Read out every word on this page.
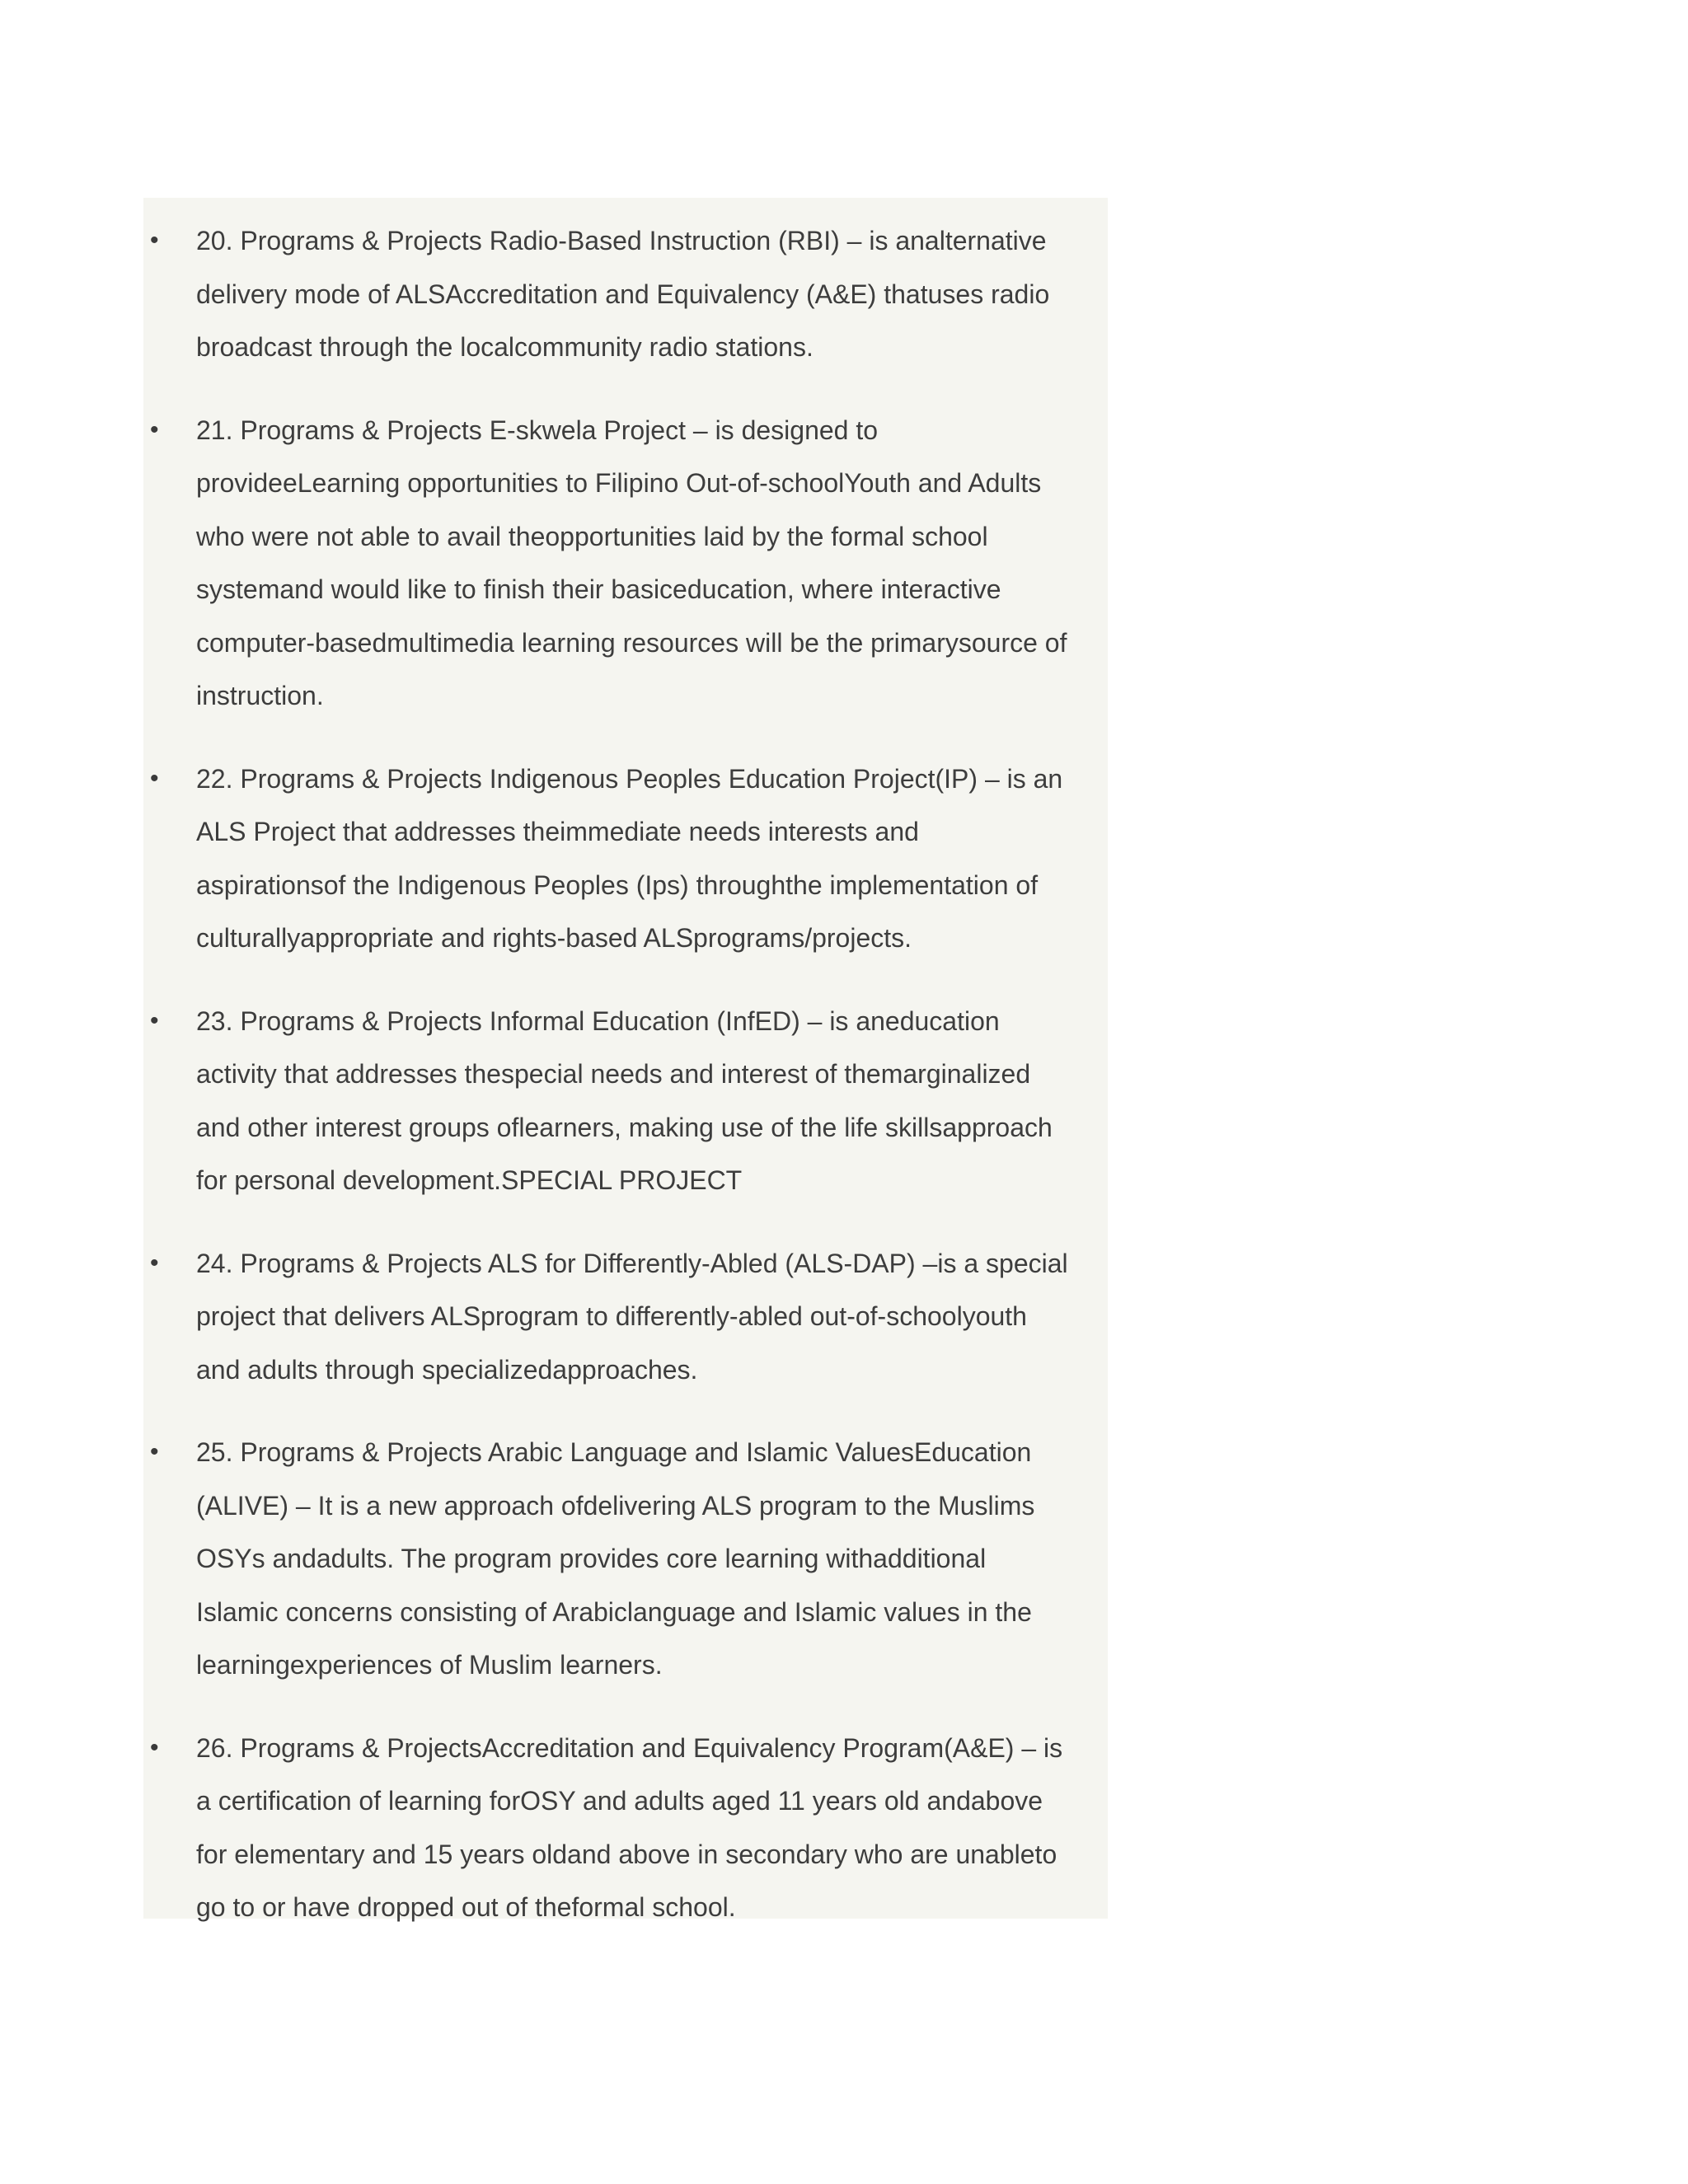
• 20. Programs & Projects Radio-Based Instruction (RBI) – is analternative
delivery mode of ALSAccreditation and Equivalency (A&E) thatuses radio
broadcast through the localcommunity radio stations.
• 21. Programs & Projects E-skwela Project – is designed to
provideeLearning opportunities to Filipino Out-of-schoolYouth and Adults
who were not able to avail theopportunities laid by the formal school
systemand would like to finish their basiceducation, where interactive
computer-basedmultimedia learning resources will be the primarysource of
instruction.
• 22. Programs & Projects Indigenous Peoples Education Project(IP) – is an
ALS Project that addresses theimmediate needs interests and
aspirationsof the Indigenous Peoples (Ips) throughthe implementation of
culturallyappropriate and rights-based ALSprograms/projects.
• 23. Programs & Projects Informal Education (InfED) – is aneducation
activity that addresses thespecial needs and interest of themarginalized
and other interest groups oflearners, making use of the life skillsapproach
for personal development.SPECIAL PROJECT
• 24. Programs & Projects ALS for Differently-Abled (ALS-DAP) –is a special
project that delivers ALSprogram to differently-abled out-of-schoolyouth
and adults through specializedapproaches.
• 25. Programs & Projects Arabic Language and Islamic ValuesEducation
(ALIVE) – It is a new approach ofdelivering ALS program to the Muslims
OSYs andadults. The program provides core learning withadditional
Islamic concerns consisting of Arabiclanguage and Islamic values in the
learningexperiences of Muslim learners.
• 26. Programs & ProjectsAccreditation and Equivalency Program(A&E) – is
a certification of learning forOSY and adults aged 11 years old andabove
for elementary and 15 years oldand above in secondary who are unableto
go to or have dropped out of theformal school.
